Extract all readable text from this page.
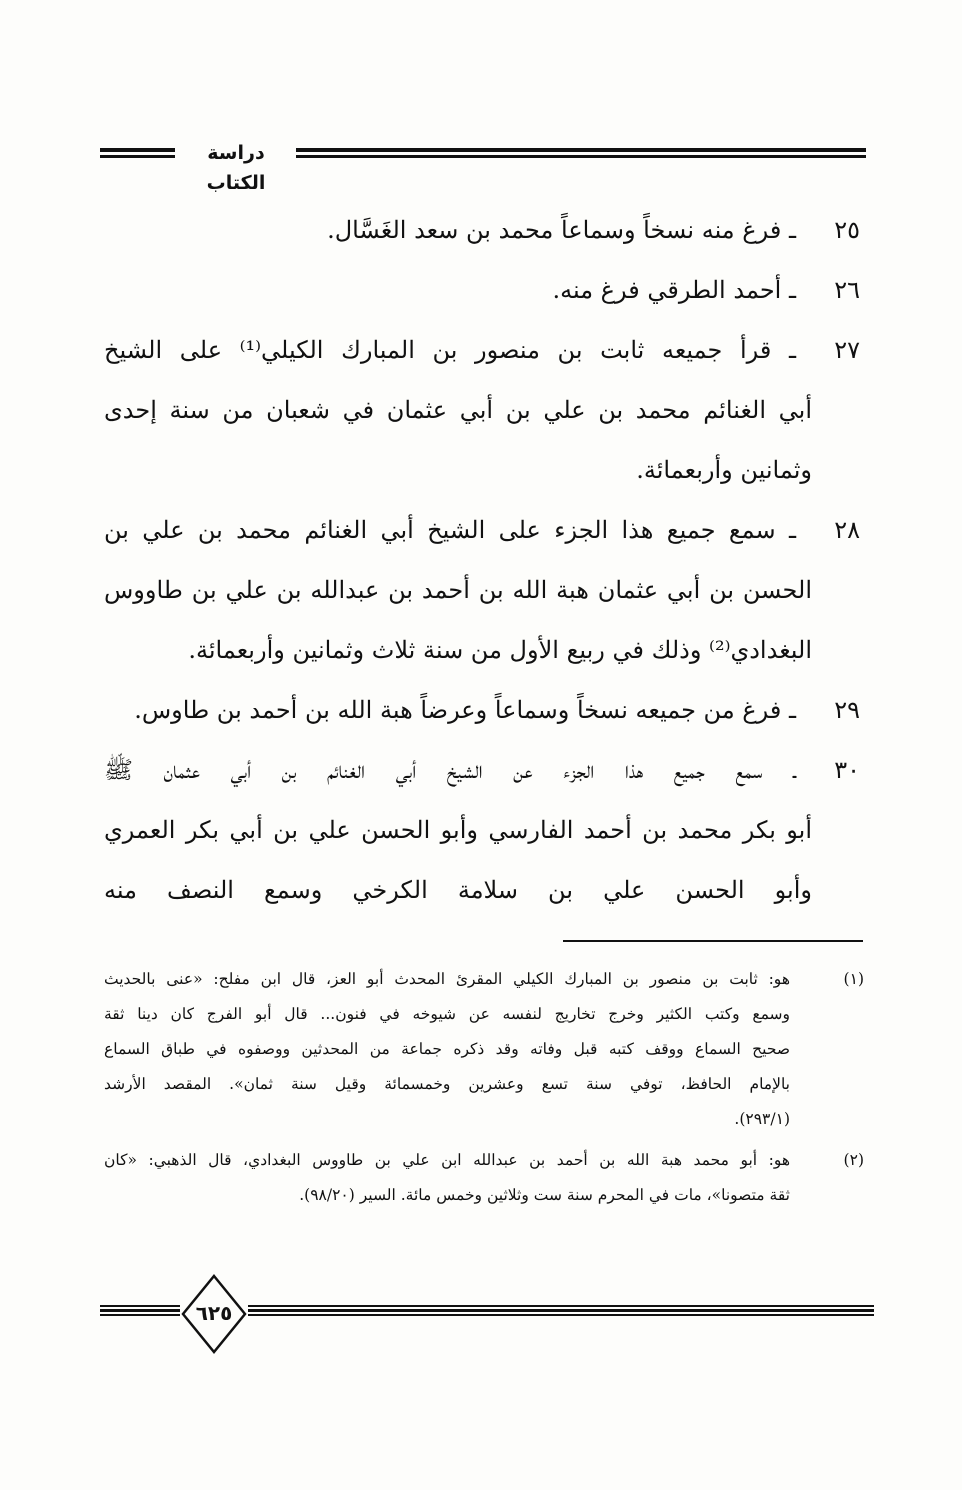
دراسة الكتاب
٢٥
ـ فرغ منه نسخاً وسماعاً محمد بن سعد الغَسَّال.
٢٦
ـ أحمد الطرقي فرغ منه.
٢٧
ـ قرأ جميعه ثابت بن منصور بن المبارك الكيلي⁽¹⁾ على الشيخ
أبي الغنائم محمد بن علي بن أبي عثمان في شعبان من سنة إحدى
وثمانين وأربعمائة.
٢٨
ـ سمع جميع هذا الجزء على الشيخ أبي الغنائم محمد بن علي بن
الحسن بن أبي عثمان هبة الله بن أحمد بن عبدالله بن علي بن طاووس
البغدادي⁽²⁾ وذلك في ربيع الأول من سنة ثلاث وثمانين وأربعمائة.
٢٩
ـ فرغ من جميعه نسخاً وسماعاً وعرضاً هبة الله بن أحمد بن طاوس.
٣٠
ـ سمع جميع هذا الجزء عن الشيخ أبي الغنائم بن أبي عثمان ﷺ
أبو بكر محمد بن أحمد الفارسي وأبو الحسن علي بن أبي بكر العمري
وأبو الحسن علي بن سلامة الكرخي وسمع النصف منه
(١)
هو: ثابت بن منصور بن المبارك الكيلي المقرئ المحدث أبو العز، قال ابن مفلح: «عنى بالحديث
وسمع وكتب الكثير وخرج تخاريج لنفسه عن شيوخه في فنون... قال أبو الفرج كان دينا ثقة
صحيح السماع ووقف كتبه قبل وفاته وقد ذكره جماعة من المحدثين ووصفوه في طباق السماع
بالإمام الحافظ، توفي سنة تسع وعشرين وخمسمائة وقيل سنة ثمان». المقصد الأرشد
(٢٩٣/١).
(٢)
هو: أبو محمد هبة الله بن أحمد بن عبدالله ابن علي بن طاووس البغدادي، قال الذهبي: «كان
ثقة متصونا»، مات في المحرم سنة ست وثلاثين وخمس مائة. السير (٩٨/٢٠).
٦٢٥
